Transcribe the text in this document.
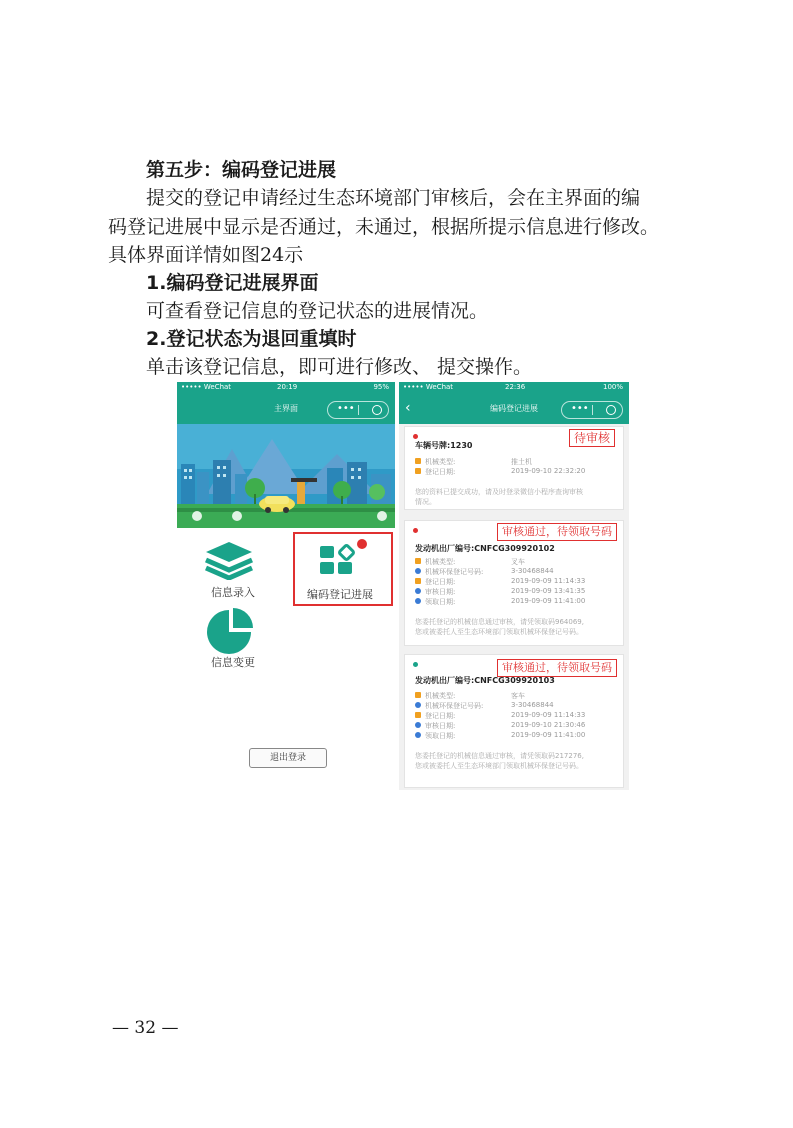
第五步：编码登记进展
提交的登记申请经过生态环境部门审核后，会在主界面的编
码登记进展中显示是否通过，未通过，根据所提示信息进行修改。
具体界面详情如图24示
1.编码登记进展界面
可查看登记信息的登记状态的进展情况。
2.登记状态为退回重填时
单击该登记信息，即可进行修改、 提交操作。
••••• WeChat	20:19	95%
主界面	•••
信息录入	编码登记进展
信息变更
退出登录
••••• WeChat	22:36	100%
‹	编码登记进展	•••
待审核
车辆号牌:1230
机械类型:	推土机
登记日期:	2019-09-10 22:32:20
您的资料已提交成功，请及时登录微信小程序查询审核
情况。
审核通过，待领取号码
发动机出厂编号:CNFCG309920102
机械类型:	叉车
机械环保登记号码:	3-30468844
登记日期:	2019-09-09 11:14:33
审核日期:	2019-09-09 13:41:35
领取日期:	2019-09-09 11:41:00
您委托登记的机械信息通过审核，请凭领取码964069,
您或被委托人至生态环境部门领取机械环保登记号码。
审核通过，待领取号码
发动机出厂编号:CNFCG309920103
机械类型:	客车
机械环保登记号码:	3-30468844
登记日期:	2019-09-09 11:14:33
审核日期:	2019-09-10 21:30:46
领取日期:	2019-09-09 11:41:00
您委托登记的机械信息通过审核，请凭领取码217276,
您或被委托人至生态环境部门领取机械环保登记号码。
— 32 —
